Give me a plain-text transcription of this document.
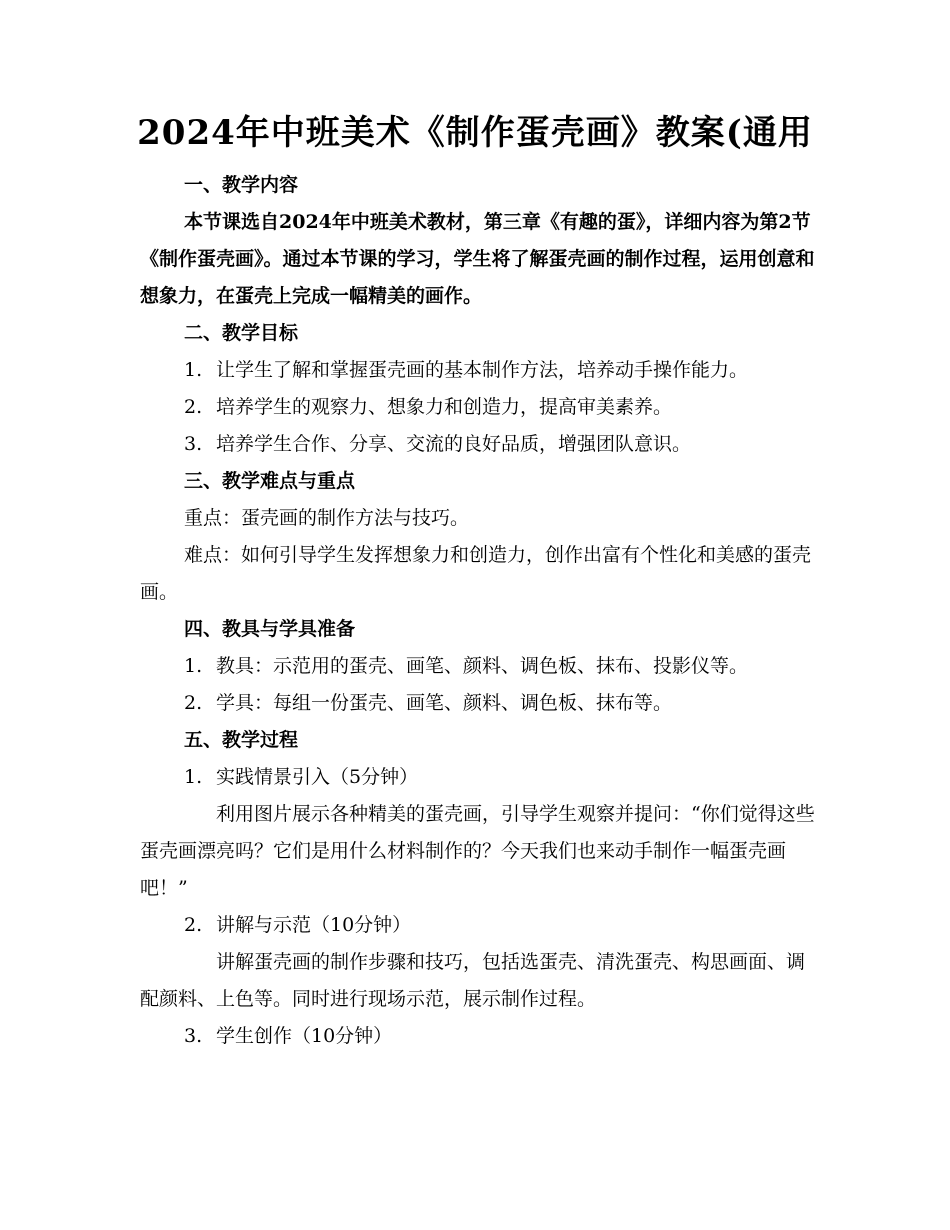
2024年中班美术《制作蛋壳画》教案(通用

一、教学内容

本节课选自2024年中班美术教材，第三章《有趣的蛋》，详细内容为第2节《制作蛋壳画》。通过本节课的学习，学生将了解蛋壳画的制作过程，运用创意和想象力，在蛋壳上完成一幅精美的画作。

二、教学目标

1. 让学生了解和掌握蛋壳画的基本制作方法，培养动手操作能力。

2. 培养学生的观察力、想象力和创造力，提高审美素养。

3. 培养学生合作、分享、交流的良好品质，增强团队意识。

三、教学难点与重点

重点：蛋壳画的制作方法与技巧。

难点：如何引导学生发挥想象力和创造力，创作出富有个性化和美感的蛋壳画。

四、教具与学具准备

1. 教具：示范用的蛋壳、画笔、颜料、调色板、抹布、投影仪等。

2. 学具：每组一份蛋壳、画笔、颜料、调色板、抹布等。

五、教学过程

1. 实践情景引入（5分钟）

利用图片展示各种精美的蛋壳画，引导学生观察并提问：“你们觉得这些蛋壳画漂亮吗？它们是用什么材料制作的？今天我们也来动手制作一幅蛋壳画吧！”

2. 讲解与示范（10分钟）

讲解蛋壳画的制作步骤和技巧，包括选蛋壳、清洗蛋壳、构思画面、调配颜料、上色等。同时进行现场示范，展示制作过程。

3. 学生创作（10分钟）
